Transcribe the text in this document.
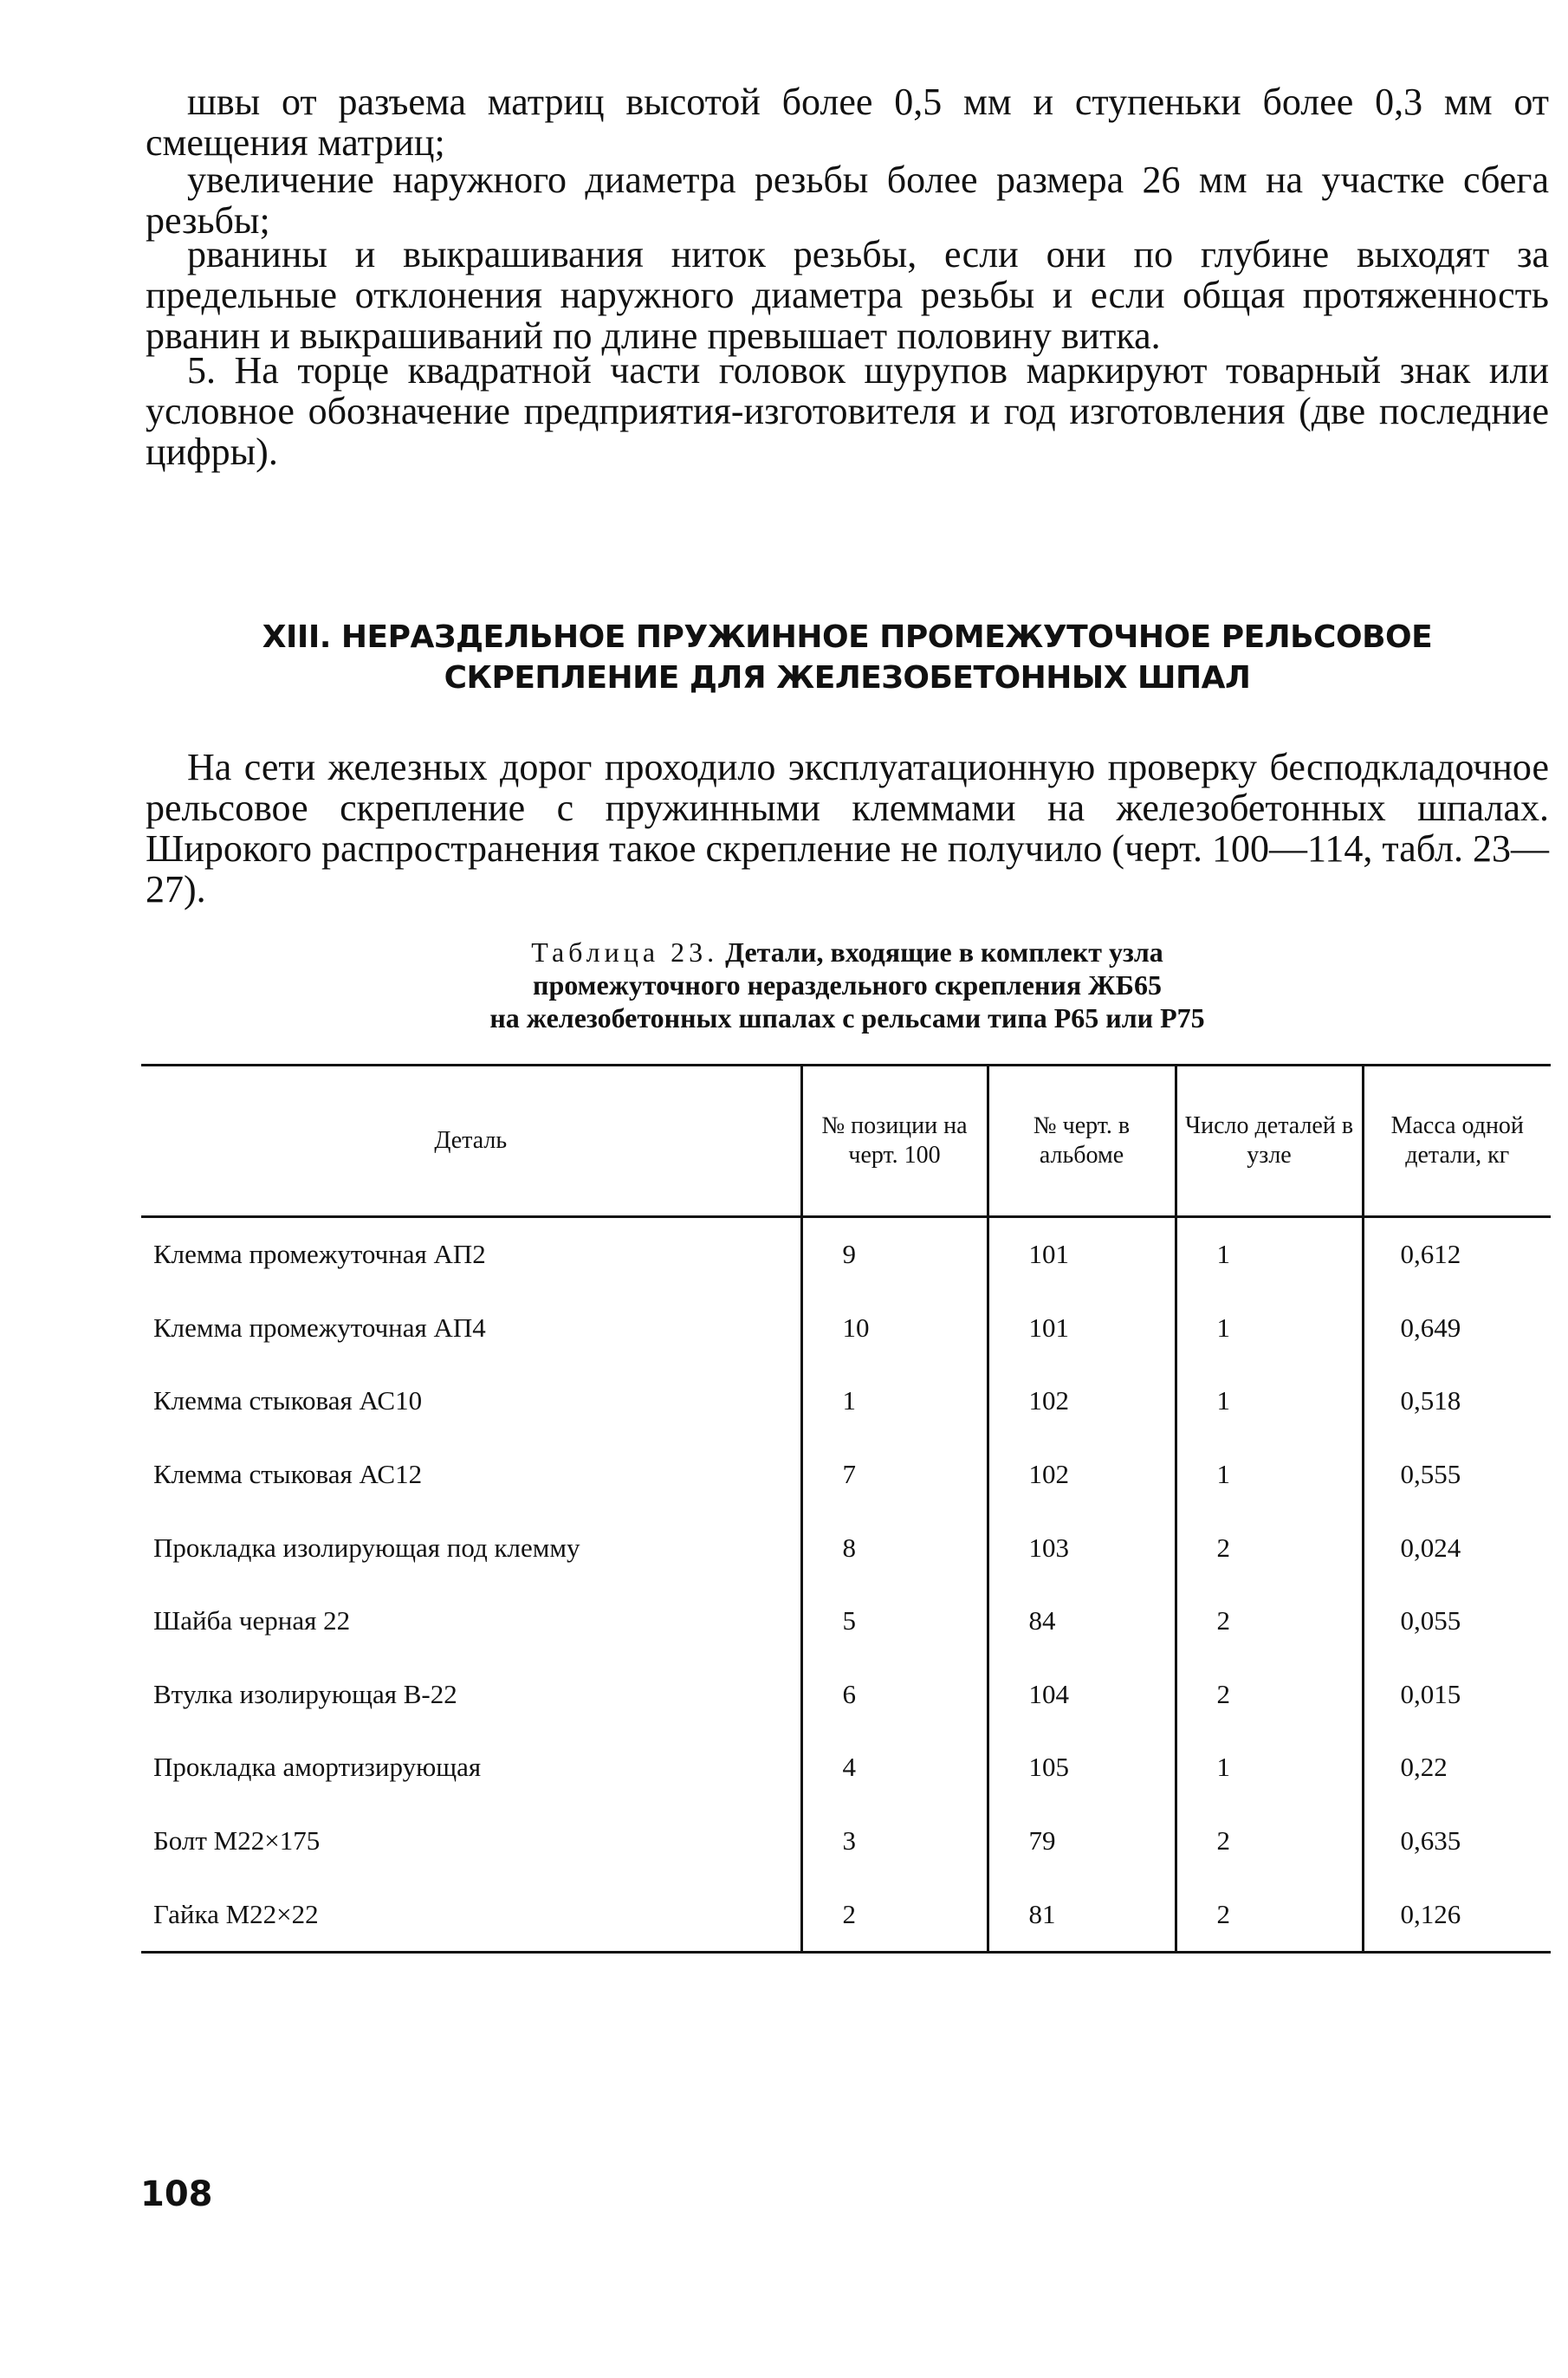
швы от разъема матриц высотой более 0,5 мм и ступеньки более 0,3 мм от смещения матриц;

увеличение наружного диаметра резьбы более размера 26 мм на участке сбега резьбы;

рванины и выкрашивания ниток резьбы, если они по глубине выходят за предельные отклонения наружного диаметра резьбы и если общая протяженность рванин и выкрашиваний по длине превышает половину витка.

5. На торце квадратной части головок шурупов маркируют товарный знак или условное обозначение предприятия-изготовителя и год изготовления (две последние цифры).

XIII. НЕРАЗДЕЛЬНОЕ ПРУЖИННОЕ ПРОМЕЖУТОЧНОЕ РЕЛЬСОВОЕ
СКРЕПЛЕНИЕ ДЛЯ ЖЕЛЕЗОБЕТОННЫХ ШПАЛ

На сети железных дорог проходило эксплуатационную проверку бесподкладочное рельсовое скрепление с пружинными клеммами на железобетонных шпалах. Широкого распространения такое скрепление не получило (черт. 100—114, табл. 23—27).

Таблица 23. Детали, входящие в комплект узла
промежуточного нераздельного скрепления ЖБ65
на железобетонных шпалах с рельсами типа Р65 или Р75
Деталь	№ позиции на черт. 100	№ черт. в альбоме	Число деталей в узле	Масса одной детали, кг
Клемма промежуточная АП2	9	101	1	0,612
Клемма промежуточная АП4	10	101	1	0,649
Клемма стыковая АС10	1	102	1	0,518
Клемма стыковая АС12	7	102	1	0,555
Прокладка изолирующая под клемму	8	103	2	0,024
Шайба черная 22	5	84	2	0,055
Втулка изолирующая В-22	6	104	2	0,015
Прокладка амортизирующая	4	105	1	0,22
Болт М22×175	3	79	2	0,635
Гайка М22×22	2	81	2	0,126
108
